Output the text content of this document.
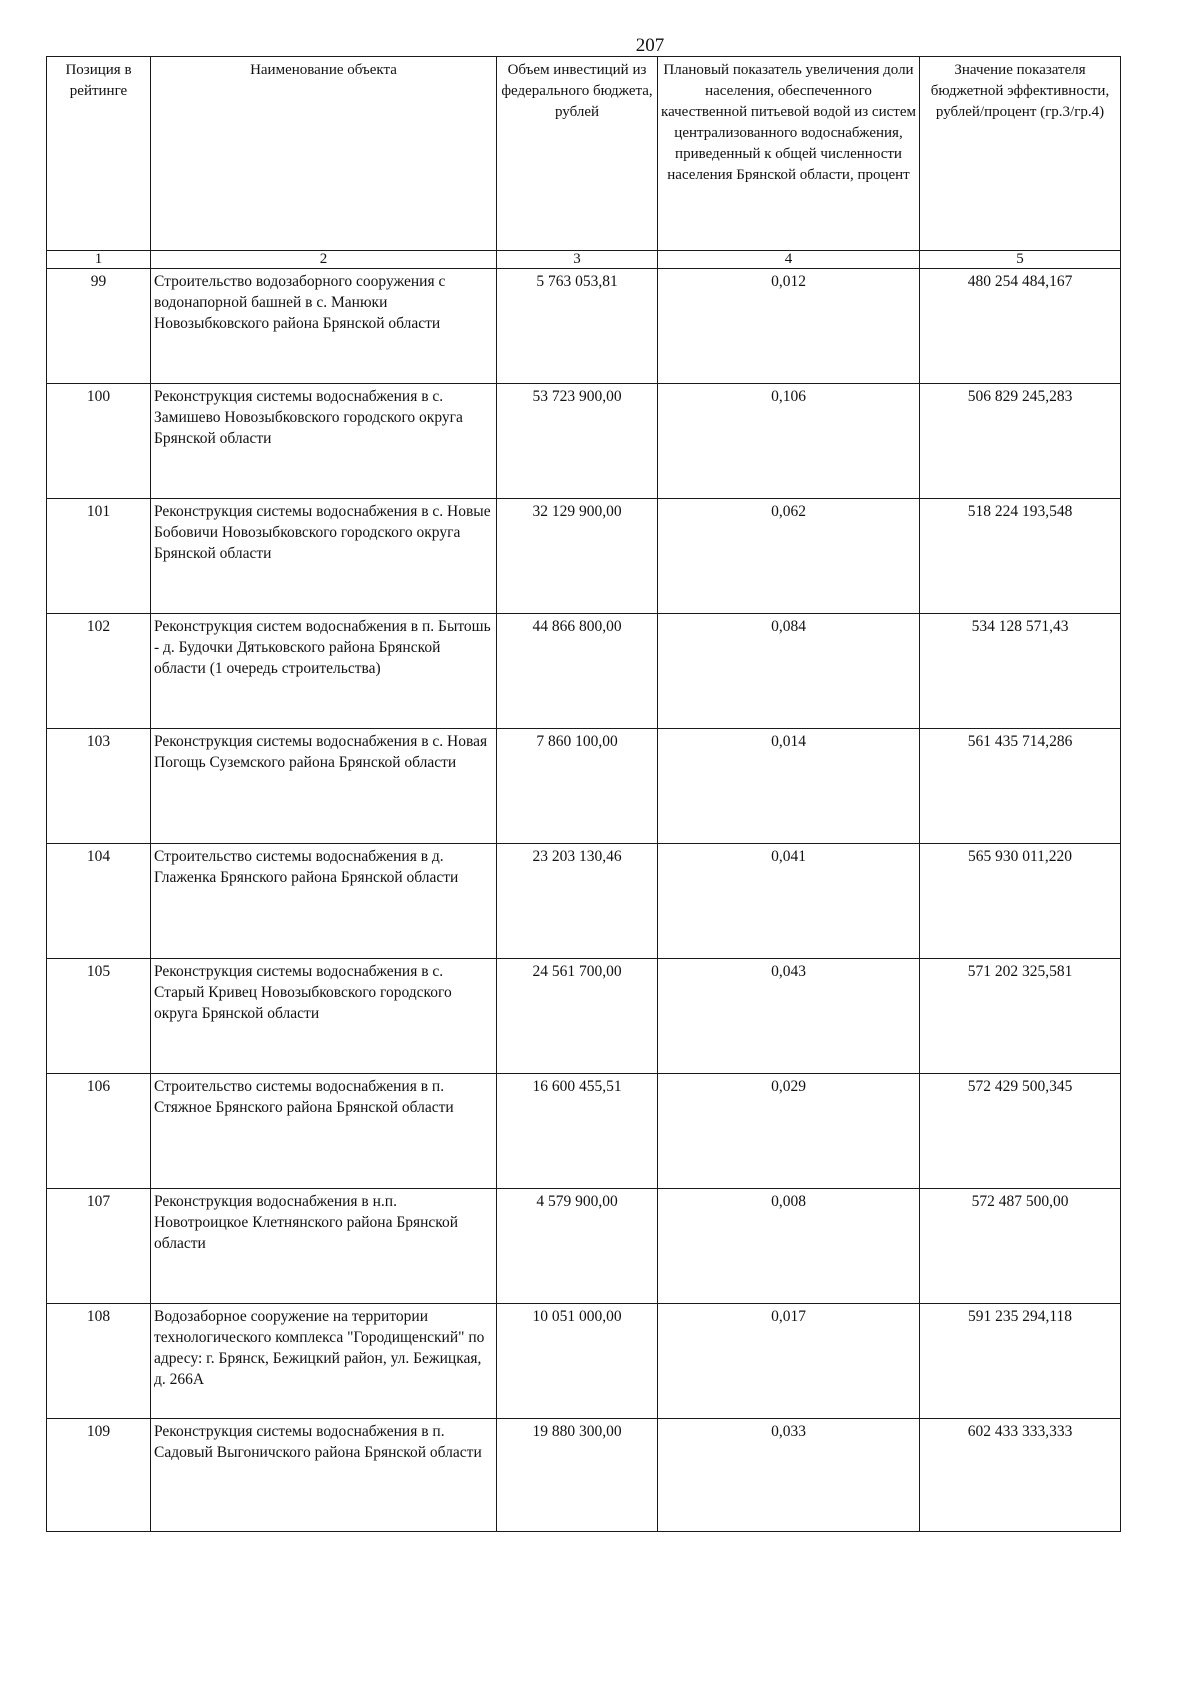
207
Позиция в рейтинге	Наименование объекта	Объем инвестиций из федерального бюджета, рублей	Плановый показатель увеличения доли населения, обеспеченного качественной питьевой водой из систем централизованного водоснабжения, приведенный к общей численности населения Брянской области, процент	Значение показателя бюджетной эффективности, рублей/процент (гр.3/гр.4)
1	2	3	4	5
99	Строительство водозаборного сооружения с водонапорной башней в с. Манюки Новозыбковского района Брянской области	5 763 053,81	0,012	480 254 484,167
100	Реконструкция системы водоснабжения в с. Замишево Новозыбковского городского округа Брянской области	53 723 900,00	0,106	506 829 245,283
101	Реконструкция системы водоснабжения в с. Новые Бобовичи Новозыбковского городского округа Брянской области	32 129 900,00	0,062	518 224 193,548
102	Реконструкция систем водоснабжения в п. Бытошь - д. Будочки Дятьковского района Брянской области (1 очередь строительства)	44 866 800,00	0,084	534 128 571,43
103	Реконструкция системы водоснабжения в с. Новая Погощь Суземского района Брянской области	7 860 100,00	0,014	561 435 714,286
104	Строительство системы водоснабжения в д. Глаженка Брянского района Брянской области	23 203 130,46	0,041	565 930 011,220
105	Реконструкция системы водоснабжения в с. Старый Кривец Новозыбковского городского округа Брянской области	24 561 700,00	0,043	571 202 325,581
106	Строительство системы водоснабжения в п. Стяжное Брянского района Брянской области	16 600 455,51	0,029	572 429 500,345
107	Реконструкция водоснабжения в н.п. Новотроицкое Клетнянского района Брянской области	4 579 900,00	0,008	572 487 500,00
108	Водозаборное сооружение на территории технологического комплекса "Городищенский" по адресу: г. Брянск, Бежицкий район, ул. Бежицкая, д. 266А	10 051 000,00	0,017	591 235 294,118
109	Реконструкция системы водоснабжения в п. Садовый Выгоничского района Брянской области	19 880 300,00	0,033	602 433 333,333
